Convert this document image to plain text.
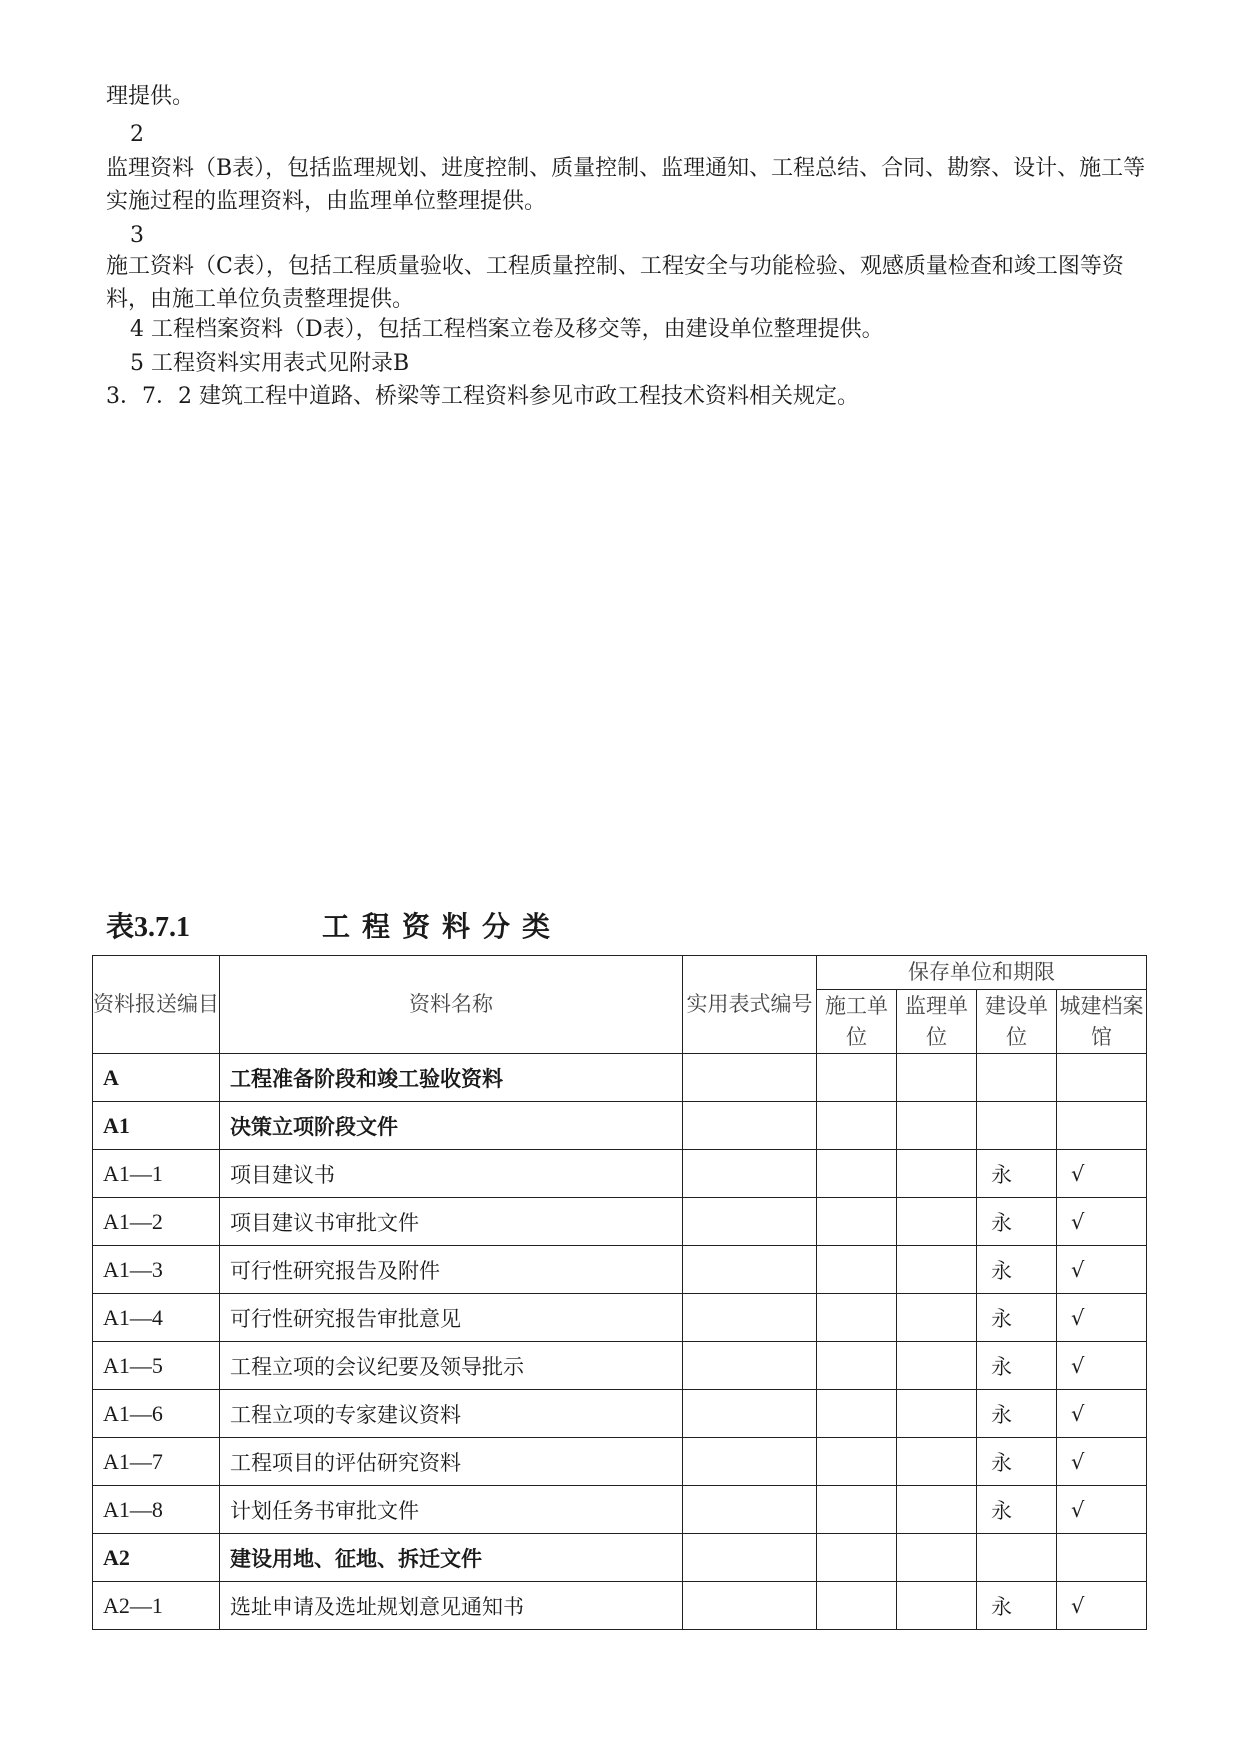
理提供。
2
监理资料（B表），包括监理规划、进度控制、质量控制、监理通知、工程总结、合同、勘察、设计、施工等实施过程的监理资料，由监理单位整理提供。
3
施工资料（C表），包括工程质量验收、工程质量控制、工程安全与功能检验、观感质量检查和竣工图等资料，由施工单位负责整理提供。
4 工程档案资料（D表），包括工程档案立卷及移交等，由建设单位整理提供。
5 工程资料实用表式见附录B
3．7．2 建筑工程中道路、桥梁等工程资料参见市政工程技术资料相关规定。
表3.7.1	工程资料分类
资料报送编目	资料名称	实用表式编号	保存单位和期限			
			施工单位	监理单位	建设单位	城建档案馆
A	工程准备阶段和竣工验收资料					
A1	决策立项阶段文件					
A1—1	项目建议书				永	√
A1—2	项目建议书审批文件				永	√
A1—3	可行性研究报告及附件				永	√
A1—4	可行性研究报告审批意见				永	√
A1—5	工程立项的会议纪要及领导批示				永	√
A1—6	工程立项的专家建议资料				永	√
A1—7	工程项目的评估研究资料				永	√
A1—8	计划任务书审批文件				永	√
A2	建设用地、征地、拆迁文件					
A2—1	选址申请及选址规划意见通知书				永	√
